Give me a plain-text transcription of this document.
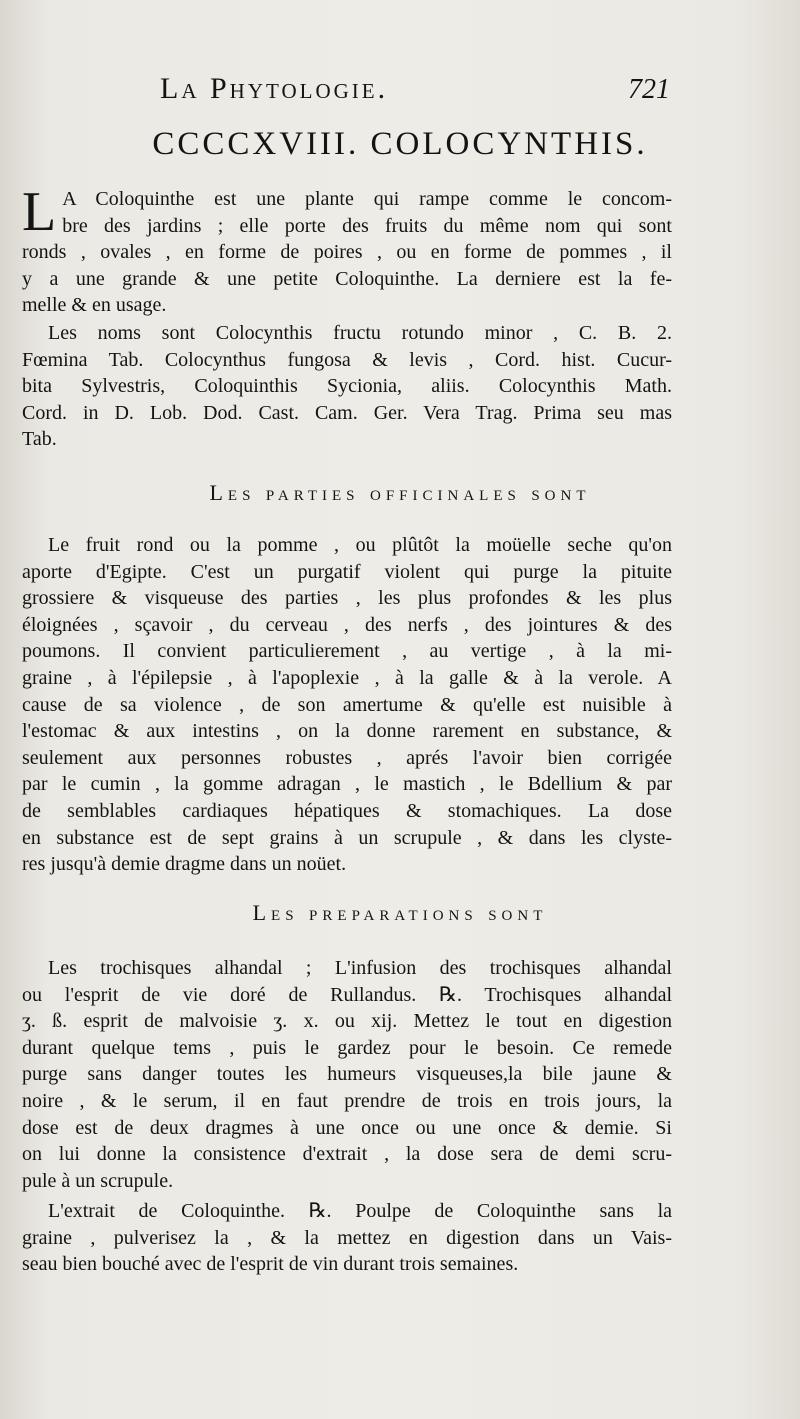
La Phytologie.	721
CCCCXVIII. COLOCYNTHIS.
L A Coloquinthe est une plante qui rampe comme le concom-
bre des jardins ; elle porte des fruits du même nom qui sont
ronds , ovales , en forme de poires , ou en forme de pommes , il
y a une grande & une petite Coloquinthe. La derniere est la fe-
melle & en usage.
Les noms sont Colocynthis fructu rotundo minor , C. B. 2.
Fœmina Tab. Colocynthus fungosa & levis , Cord. hist. Cucur-
bita Sylvestris, Coloquinthis Sycionia, aliis. Colocynthis Math.
Cord. in D. Lob. Dod. Cast. Cam. Ger. Vera Trag. Prima seu mas
Tab.
Les parties officinales sont
Le fruit rond ou la pomme , ou plûtôt la moüelle seche qu'on
aporte d'Egipte. C'est un purgatif violent qui purge la pituite
grossiere & visqueuse des parties , les plus profondes & les plus
éloignées , sçavoir , du cerveau , des nerfs , des jointures & des
poumons. Il convient particulierement , au vertige , à la mi-
graine , à l'épilepsie , à l'apoplexie , à la galle & à la verole. A
cause de sa violence , de son amertume & qu'elle est nuisible à
l'estomac & aux intestins , on la donne rarement en substance, &
seulement aux personnes robustes , aprés l'avoir bien corrigée
par le cumin , la gomme adragan , le mastich , le Bdellium & par
de semblables cardiaques hépatiques & stomachiques. La dose
en substance est de sept grains à un scrupule , & dans les clyste-
res jusqu'à demie dragme dans un noüet.
Les preparations sont
Les trochisques alhandal ; L'infusion des trochisques alhandal
ou l'esprit de vie doré de Rullandus. ℞. Trochisques alhandal
ʒ. ß. esprit de malvoisie ʒ. x. ou xij. Mettez le tout en digestion
durant quelque tems , puis le gardez pour le besoin. Ce remede
purge sans danger toutes les humeurs visqueuses,la bile jaune &
noire , & le serum, il en faut prendre de trois en trois jours, la
dose est de deux dragmes à une once ou une once & demie. Si
on lui donne la consistence d'extrait , la dose sera de demi scru-
pule à un scrupule.
L'extrait de Coloquinthe. ℞. Poulpe de Coloquinthe sans la
graine , pulverisez la , & la mettez en digestion dans un Vais-
seau bien bouché avec de l'esprit de vin durant trois semaines.
